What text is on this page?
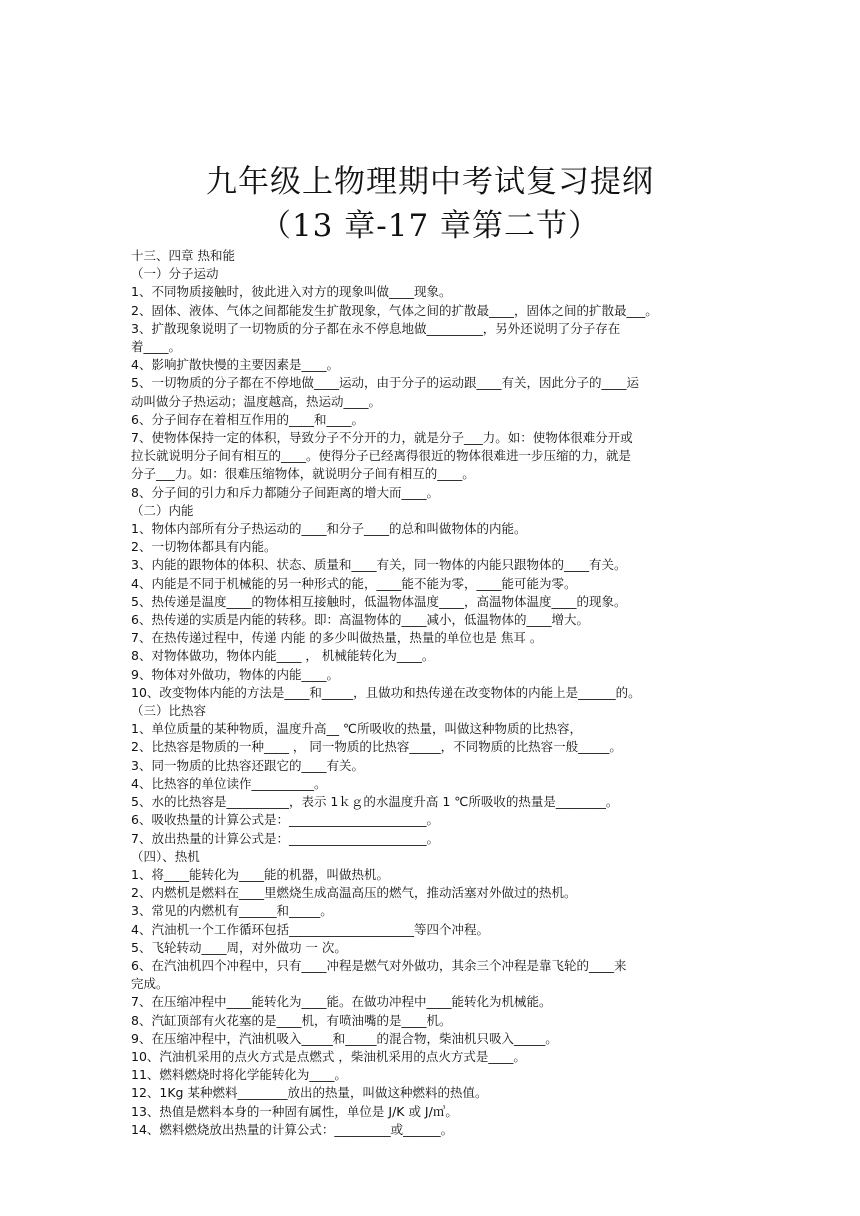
九年级上物理期中考试复习提纲
（13 章-17 章第二节）
十三、四章 热和能
（一）分子运动
1、不同物质接触时，彼此进入对方的现象叫做____现象。
2、固体、液体、气体之间都能发生扩散现象，气体之间的扩散最____，固体之间的扩散最___。
3、扩散现象说明了一切物质的分子都在永不停息地做_________，另外还说明了分子存在
着____。
4、影响扩散快慢的主要因素是____。
5、一切物质的分子都在不停地做____运动，由于分子的运动跟____有关，因此分子的____运
动叫做分子热运动；温度越高，热运动____。
6、分子间存在着相互作用的____和____。
7、使物体保持一定的体积，导致分子不分开的力，就是分子___力。如：使物体很难分开或
拉长就说明分子间有相互的____。使得分子已经离得很近的物体很难进一步压缩的力，就是
分子___力。如：很难压缩物体，就说明分子间有相互的____。
8、分子间的引力和斥力都随分子间距离的增大而____。
（二）内能
1、物体内部所有分子热运动的____和分子____的总和叫做物体的内能。
2、一切物体都具有内能。
3、内能的跟物体的体积、状态、质量和____有关，同一物体的内能只跟物体的____有关。
4、内能是不同于机械能的另一种形式的能，____能不能为零，____能可能为零。
5、热传递是温度____的物体相互接触时，低温物体温度____，高温物体温度____的现象。
6、热传递的实质是内能的转移。即：高温物体的____减小，低温物体的____增大。
7、在热传递过程中，传递 内能 的多少叫做热量，热量的单位也是 焦耳 。
8、对物体做功，物体内能____ ， 机械能转化为____。
9、物体对外做功，物体的内能____。
10、改变物体内能的方法是____和_____，且做功和热传递在改变物体的内能上是______的。
（三）比热容
1、单位质量的某种物质，温度升高__ ℃所吸收的热量，叫做这种物质的比热容，
2、比热容是物质的一种____ ， 同一物质的比热容_____，不同物质的比热容一般_____。
3、同一物质的比热容还跟它的____有关。
4、比热容的单位读作__________。
5、水的比热容是__________，表示 1ｋｇ的水温度升高 1 ℃所吸收的热量是________。
6、吸收热量的计算公式是：______________________。
7、放出热量的计算公式是：______________________。
（四）、热机
1、将____能转化为____能的机器，叫做热机。
2、内燃机是燃料在____里燃烧生成高温高压的燃气，推动活塞对外做过的热机。
3、常见的内燃机有______和_____。
4、汽油机一个工作循环包括____________________等四个冲程。
5、飞轮转动____周，对外做功 一 次。
6、在汽油机四个冲程中，只有____冲程是燃气对外做功，其余三个冲程是靠飞轮的____来
完成。
7、在压缩冲程中____能转化为____能。在做功冲程中____能转化为机械能。
8、汽缸顶部有火花塞的是____机，有喷油嘴的是____机。
9、在压缩冲程中，汽油机吸入_____和_____的混合物，柴油机只吸入_____。
10、汽油机采用的点火方式是点燃式 ，柴油机采用的点火方式是____。
11、燃料燃烧时将化学能转化为____。
12、1Kg 某种燃料________放出的热量，叫做这种燃料的热值。
13、热值是燃料本身的一种固有属性，单位是 J/K 或 J/㎥。
14、燃料燃烧放出热量的计算公式：_________或______。
